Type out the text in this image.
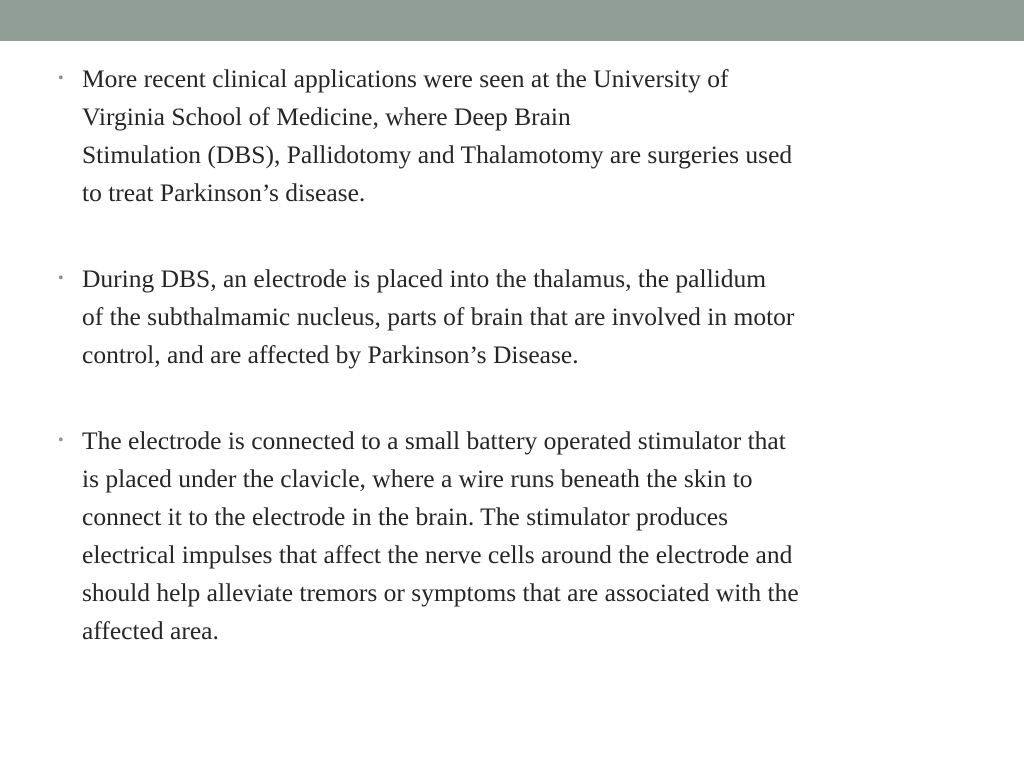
• More recent clinical applications were seen at the University of
Virginia School of Medicine, where Deep Brain
Stimulation (DBS), Pallidotomy and Thalamotomy are surgeries used
to treat Parkinson’s disease.
• During DBS, an electrode is placed into the thalamus, the pallidum
of the subthalmamic nucleus, parts of brain that are involved in motor
control, and are affected by Parkinson’s Disease.
• The electrode is connected to a small battery operated stimulator that
is placed under the clavicle, where a wire runs beneath the skin to
connect it to the electrode in the brain. The stimulator produces
electrical impulses that affect the nerve cells around the electrode and
should help alleviate tremors or symptoms that are associated with the
affected area.
